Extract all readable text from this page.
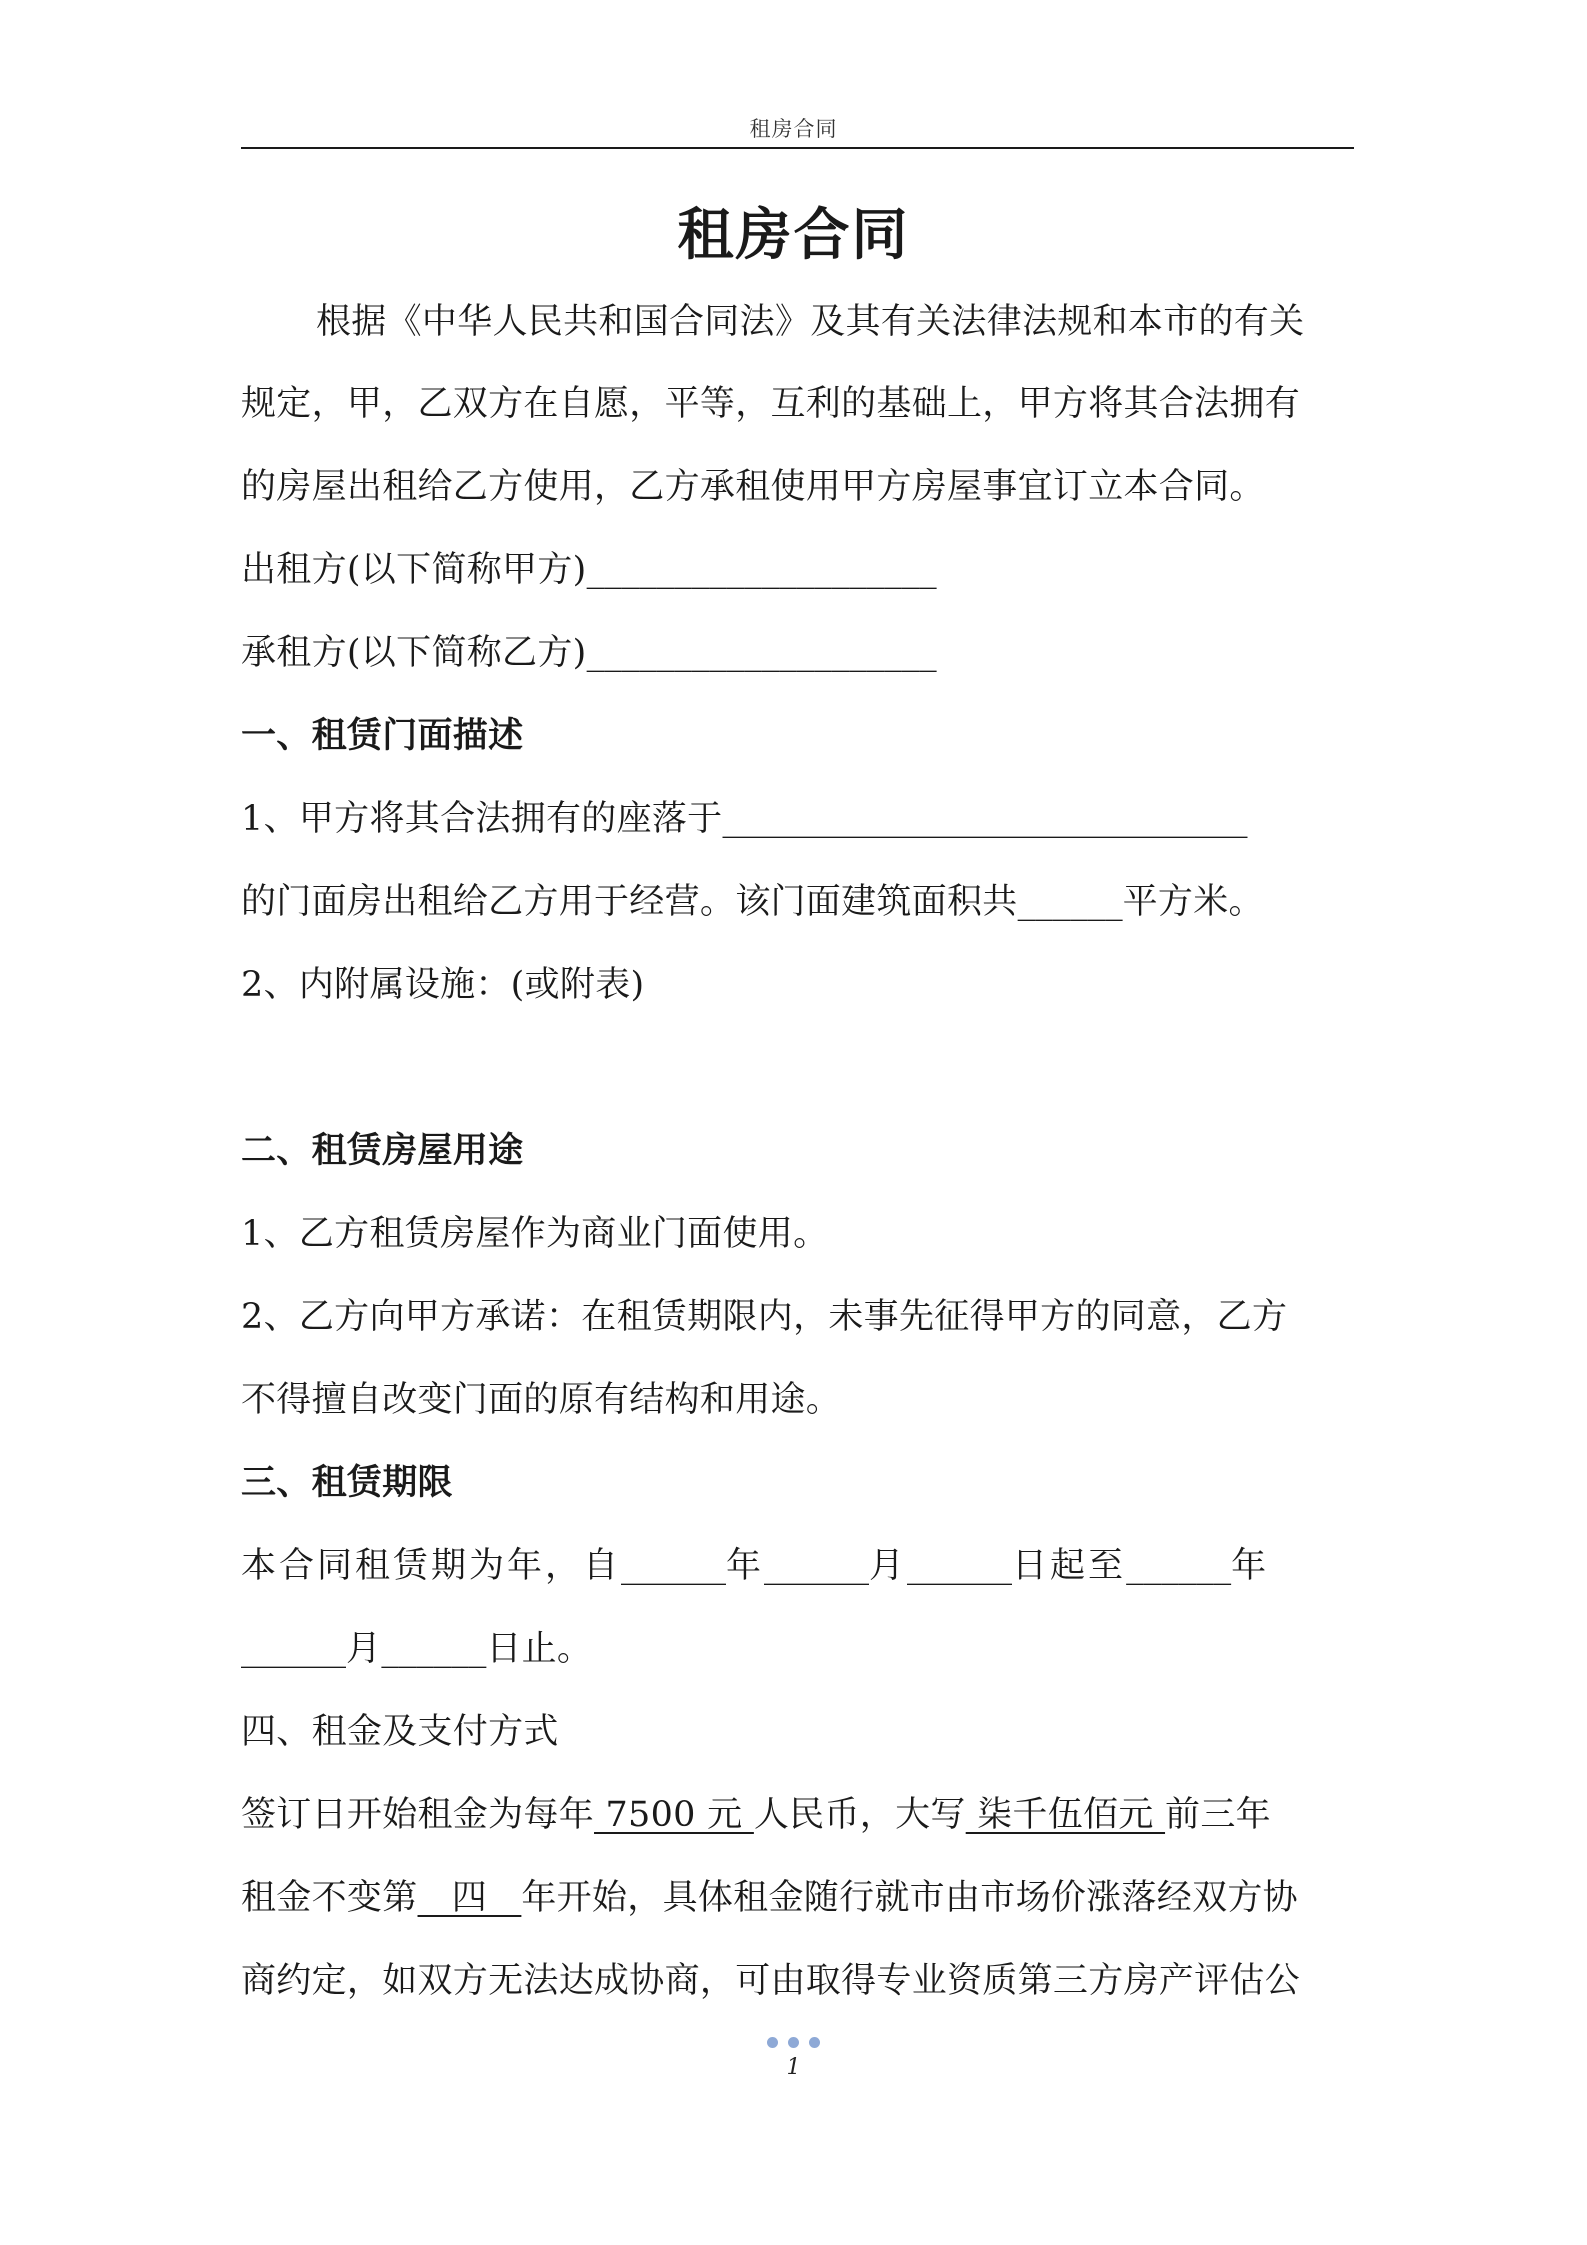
租房合同
租房合同
根据《中华人民共和国合同法》及其有关法律法规和本市的有关
规定，甲，乙双方在自愿，平等，互利的基础上，甲方将其合法拥有
的房屋出租给乙方使用，乙方承租使用甲方房屋事宜订立本合同。
出租方(以下简称甲方)____________________
承租方(以下简称乙方)____________________
一、租赁门面描述
1、甲方将其合法拥有的座落于______________________________
的门面房出租给乙方用于经营。该门面建筑面积共______平方米。
2、内附属设施：(或附表)
二、租赁房屋用途
1、乙方租赁房屋作为商业门面使用。
2、乙方向甲方承诺：在租赁期限内，未事先征得甲方的同意，乙方
不得擅自改变门面的原有结构和用途。
三、租赁期限
本合同租赁期为年，自______年______月______日起至______年
______月______日止。
四、租金及支付方式
签订日开始租金为每年 7500 元 人民币，大写 柒千伍佰元 前三年
租金不变第   四   年开始，具体租金随行就市由市场价涨落经双方协
商约定，如双方无法达成协商，可由取得专业资质第三方房产评估公
1
